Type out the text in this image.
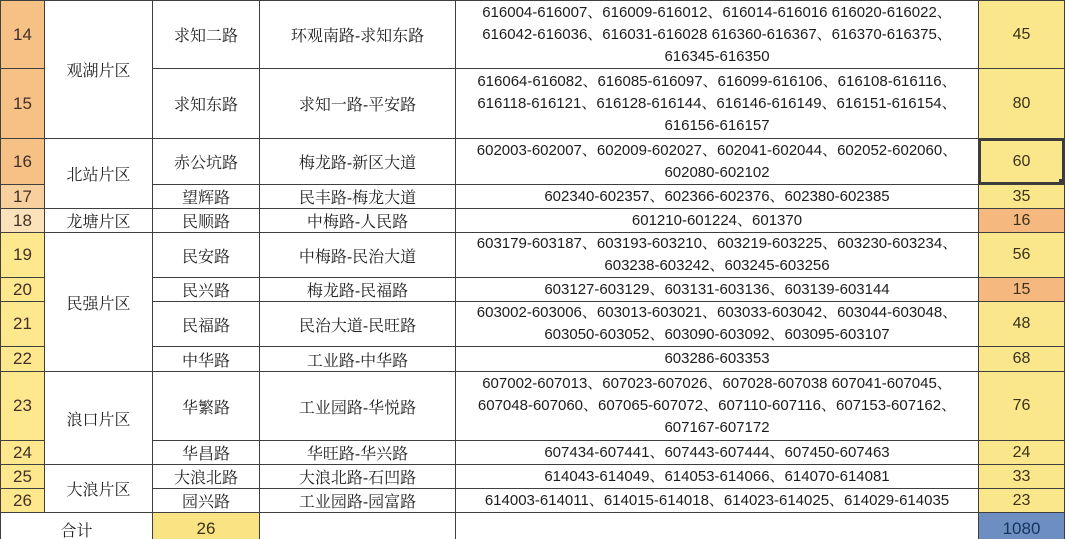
14	观湖片区	求知二路	环观南路-求知东路	616004-616007、616009-616012、616014-616016 616020-616022、616042-616036、616031-616028 616360-616367、616370-616375、616345-616350	45
15		求知东路	求知一路-平安路	616064-616082、616085-616097、616099-616106、616108-616116、616118-616121、616128-616144、616146-616149、616151-616154、616156-616157	80
16	北站片区	赤公坑路	梅龙路-新区大道	602003-602007、602009-602027、602041-602044、602052-602060、602080-602102	60
17		望辉路	民丰路-梅龙大道	602340-602357、602366-602376、602380-602385	35
18	龙塘片区	民顺路	中梅路-人民路	601210-601224、601370	16
19	民强片区	民安路	中梅路-民治大道	603179-603187、603193-603210、603219-603225、603230-603234、603238-603242、603245-603256	56
20		民兴路	梅龙路-民福路	603127-603129、603131-603136、603139-603144	15
21		民福路	民治大道-民旺路	603002-603006、603013-603021、603033-603042、603044-603048、603050-603052、603090-603092、603095-603107	48
22		中华路	工业路-中华路	603286-603353	68
23	浪口片区	华繁路	工业园路-华悦路	607002-607013、607023-607026、607028-607038 607041-607045、607048-607060、607065-607072、607110-607116、607153-607162、607167-607172	76
24		华昌路	华旺路-华兴路	607434-607441、607443-607444、607450-607463	24
25	大浪片区	大浪北路	大浪北路-石凹路	614043-614049、614053-614066、614070-614081	33
26		园兴路	工业园路-园富路	614003-614011、614015-614018、614023-614025、614029-614035	23
合计		26			1080
